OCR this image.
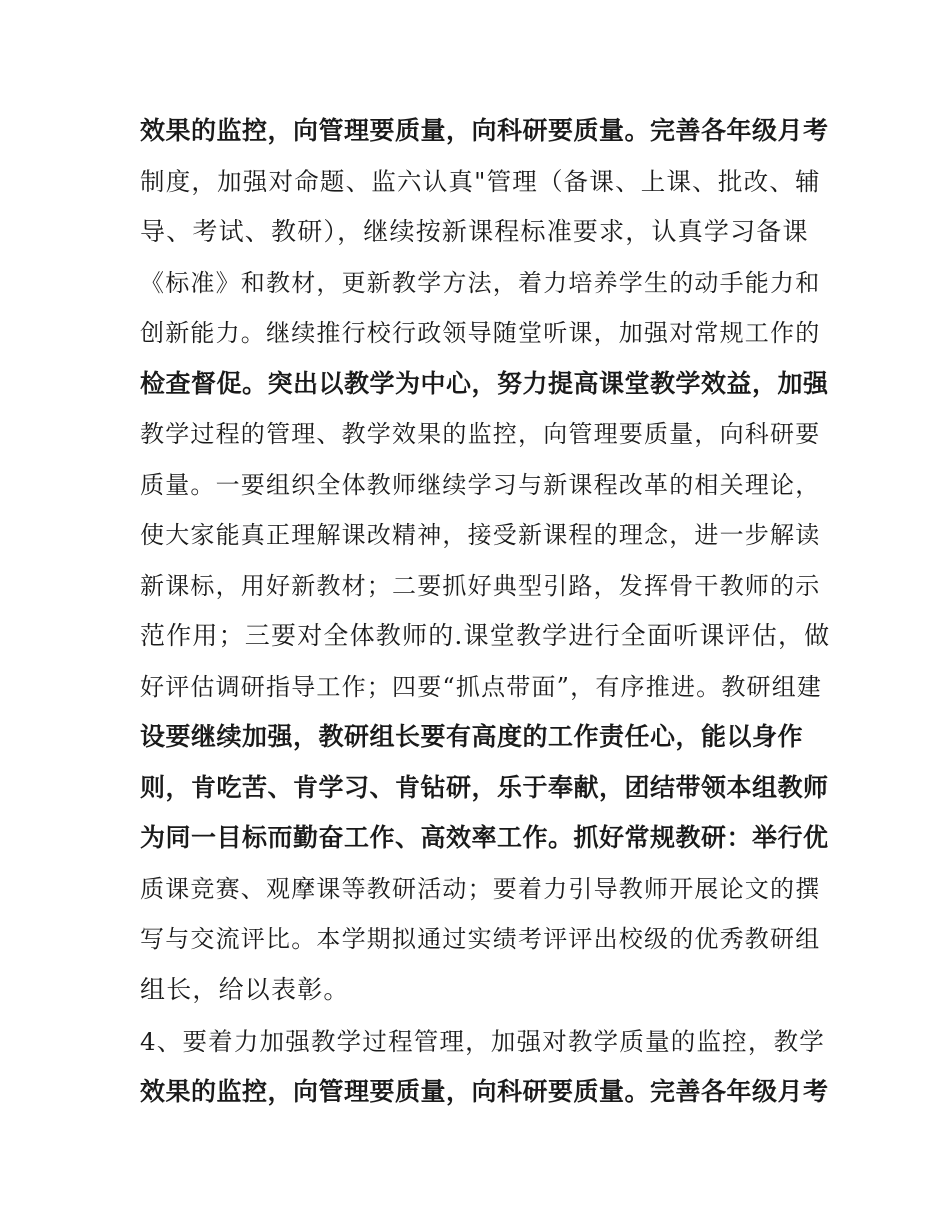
效果的监控，向管理要质量，向科研要质量。完善各年级月考
制度，加强对命题、监六认真"管理（备课、上课、批改、辅
导、考试、教研），继续按新课程标准要求，认真学习备课
《标准》和教材，更新教学方法，着力培养学生的动手能力和
创新能力。继续推行校行政领导随堂听课，加强对常规工作的
检查督促。突出以教学为中心，努力提高课堂教学效益，加强
教学过程的管理、教学效果的监控，向管理要质量，向科研要
质量。一要组织全体教师继续学习与新课程改革的相关理论，
使大家能真正理解课改精神，接受新课程的理念，进一步解读
新课标，用好新教材；二要抓好典型引路，发挥骨干教师的示
范作用；三要对全体教师的.课堂教学进行全面听课评估，做
好评估调研指导工作；四要“抓点带面”，有序推进。教研组建
设要继续加强，教研组长要有高度的工作责任心，能以身作
则，肯吃苦、肯学习、肯钻研，乐于奉献，团结带领本组教师
为同一目标而勤奋工作、高效率工作。抓好常规教研：举行优
质课竞赛、观摩课等教研活动；要着力引导教师开展论文的撰
写与交流评比。本学期拟通过实绩考评评出校级的优秀教研组
组长，给以表彰。
4、要着力加强教学过程管理，加强对教学质量的监控，教学
效果的监控，向管理要质量，向科研要质量。完善各年级月考
